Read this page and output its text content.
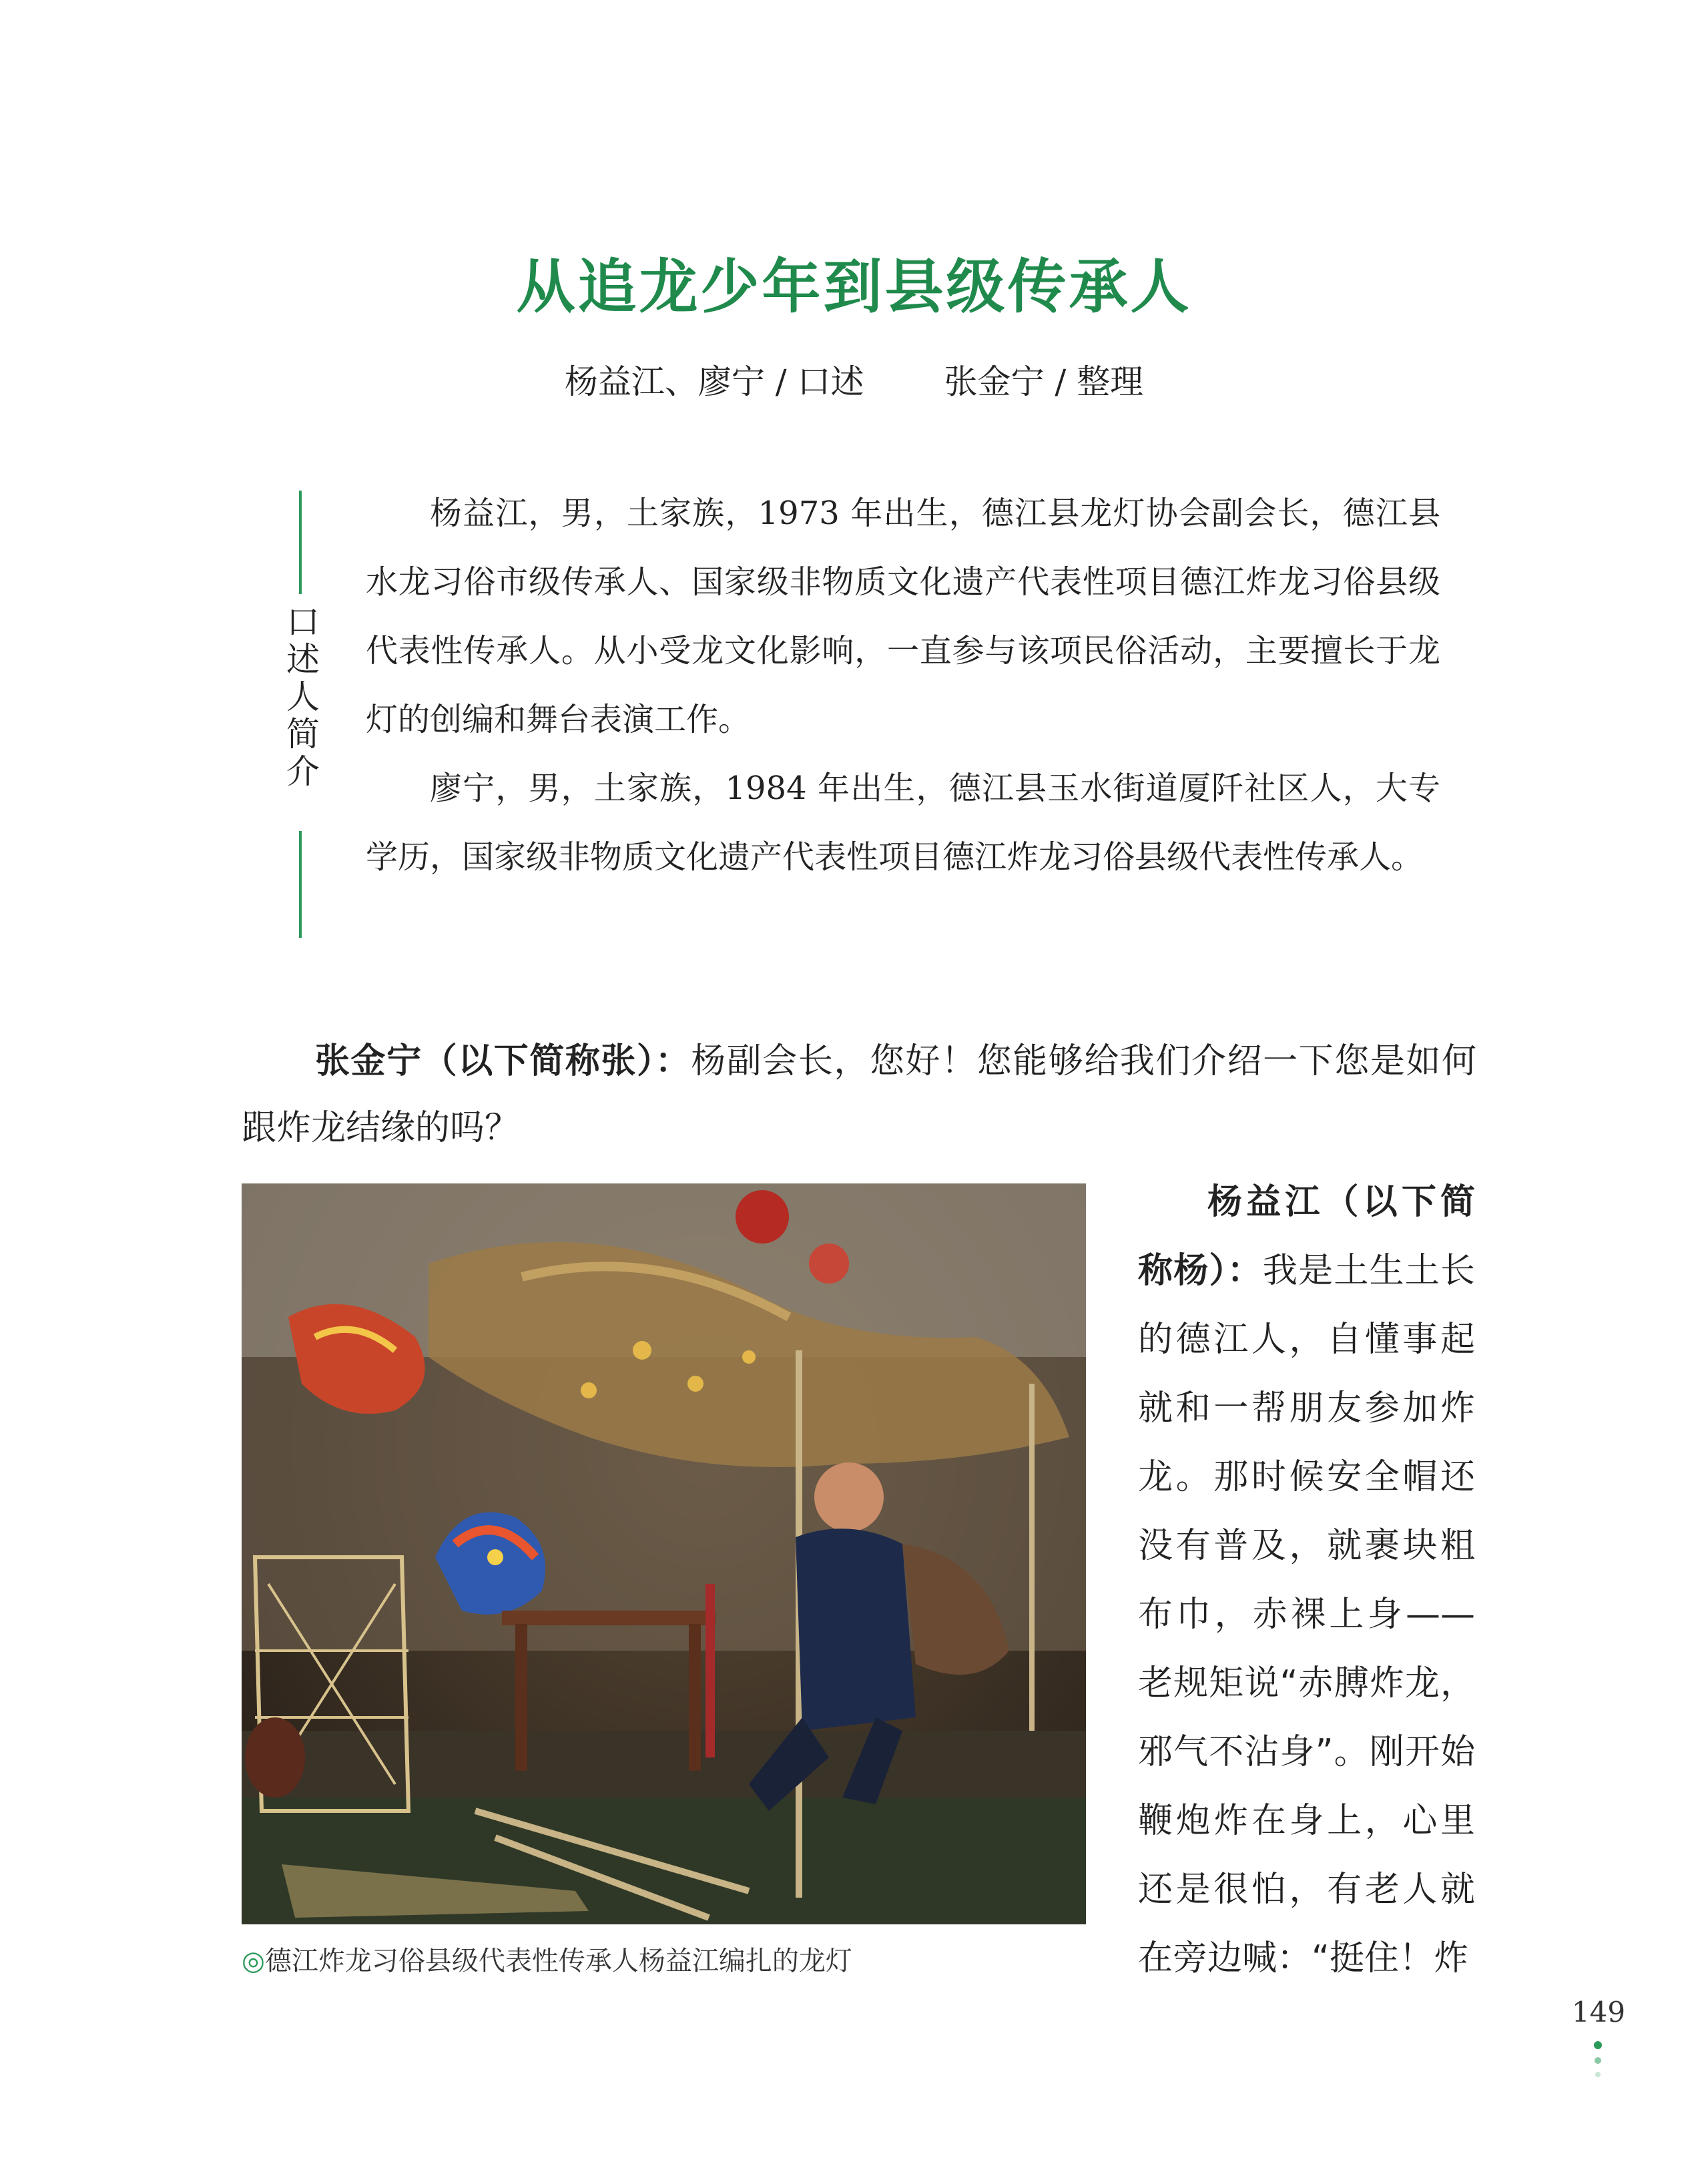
从追龙少年到县级传承人
杨益江、廖宁 / 口述 张金宁 / 整理
口述人简介

杨益江，男，土家族，1973 年出生，德江县龙灯协会副会长，德江县水龙习俗市级传承人、国家级非物质文化遗产代表性项目德江炸龙习俗县级代表性传承人。从小受龙文化影响，一直参与该项民俗活动，主要擅长于龙灯的创编和舞台表演工作。

廖宁，男，土家族，1984 年出生，德江县玉水街道厦阡社区人，大专学历，国家级非物质文化遗产代表性项目德江炸龙习俗县级代表性传承人。

张金宁（以下简称张）：杨副会长，您好！您能够给我们介绍一下您是如何跟炸龙结缘的吗？
◎德江炸龙习俗县级代表性传承人杨益江编扎的龙灯
杨益江（以下简称杨）：我是土生土长的德江人，自懂事起就和一帮朋友参加炸龙。那时候安全帽还没有普及，就裹块粗布巾，赤裸上身——老规矩说“赤膊炸龙，邪气不沾身”。刚开始鞭炮炸在身上，心里还是很怕，有老人就在旁边喊：“挺住！炸
149
